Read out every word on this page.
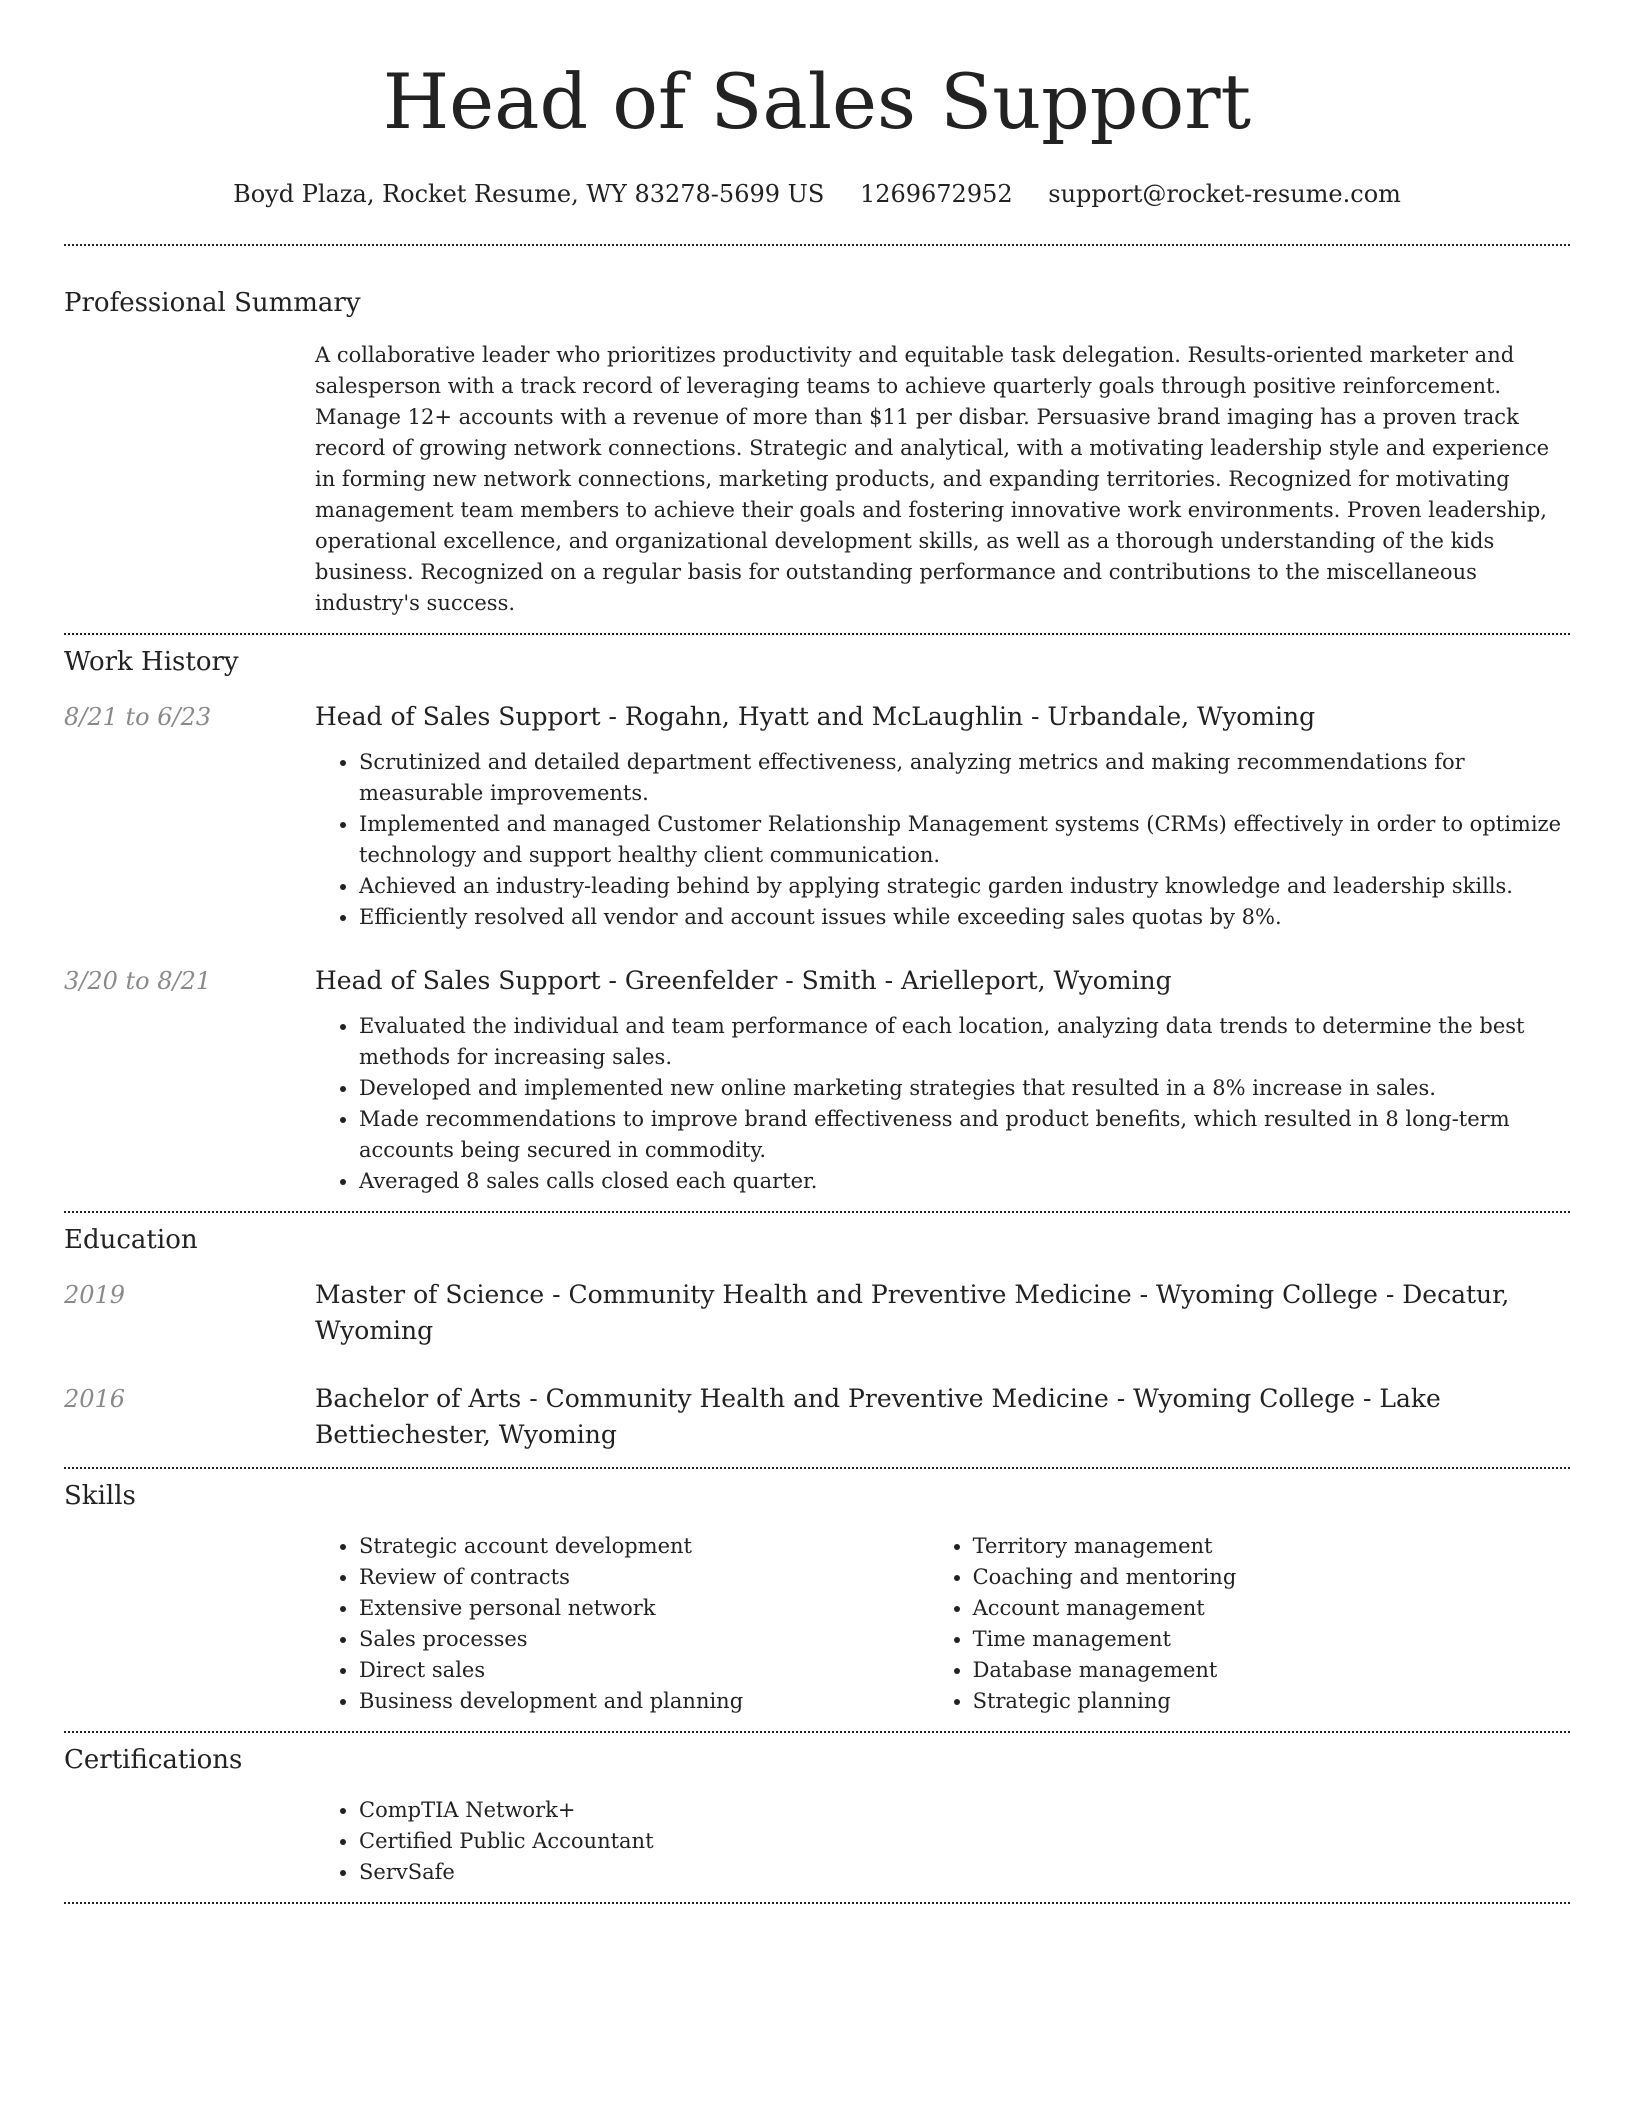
Head of Sales Support
Boyd Plaza, Rocket Resume, WY 83278-5699 US 1269672952 support@rocket-resume.com
Professional Summary

A collaborative leader who prioritizes productivity and equitable task delegation. Results-oriented marketer and salesperson with a track record of leveraging teams to achieve quarterly goals through positive reinforcement. Manage 12+ accounts with a revenue of more than $11 per disbar. Persuasive brand imaging has a proven track record of growing network connections. Strategic and analytical, with a motivating leadership style and experience in forming new network connections, marketing products, and expanding territories. Recognized for motivating management team members to achieve their goals and fostering innovative work environments. Proven leadership, operational excellence, and organizational development skills, as well as a thorough understanding of the kids business. Recognized on a regular basis for outstanding performance and contributions to the miscellaneous industry's success.

Work History
8/21 to 6/23	Head of Sales Support - Rogahn, Hyatt and McLaughlin - Urbandale, Wyoming
• Scrutinized and detailed department effectiveness, analyzing metrics and making recommendations for measurable improvements.
• Implemented and managed Customer Relationship Management systems (CRMs) effectively in order to optimize technology and support healthy client communication.
• Achieved an industry-leading behind by applying strategic garden industry knowledge and leadership skills.
• Efficiently resolved all vendor and account issues while exceeding sales quotas by 8%.
3/20 to 8/21	Head of Sales Support - Greenfelder - Smith - Arielleport, Wyoming
• Evaluated the individual and team performance of each location, analyzing data trends to determine the best methods for increasing sales.
• Developed and implemented new online marketing strategies that resulted in a 8% increase in sales.
• Made recommendations to improve brand effectiveness and product benefits, which resulted in 8 long-term accounts being secured in commodity.
• Averaged 8 sales calls closed each quarter.
Education
2019	Master of Science - Community Health and Preventive Medicine - Wyoming College - Decatur, Wyoming
2016	Bachelor of Arts - Community Health and Preventive Medicine - Wyoming College - Lake Bettiechester, Wyoming
Skills
• Strategic account development
• Review of contracts
• Extensive personal network
• Sales processes
• Direct sales
• Business development and planning
• Territory management
• Coaching and mentoring
• Account management
• Time management
• Database management
• Strategic planning
Certifications
• CompTIA Network+
• Certified Public Accountant
• ServSafe
